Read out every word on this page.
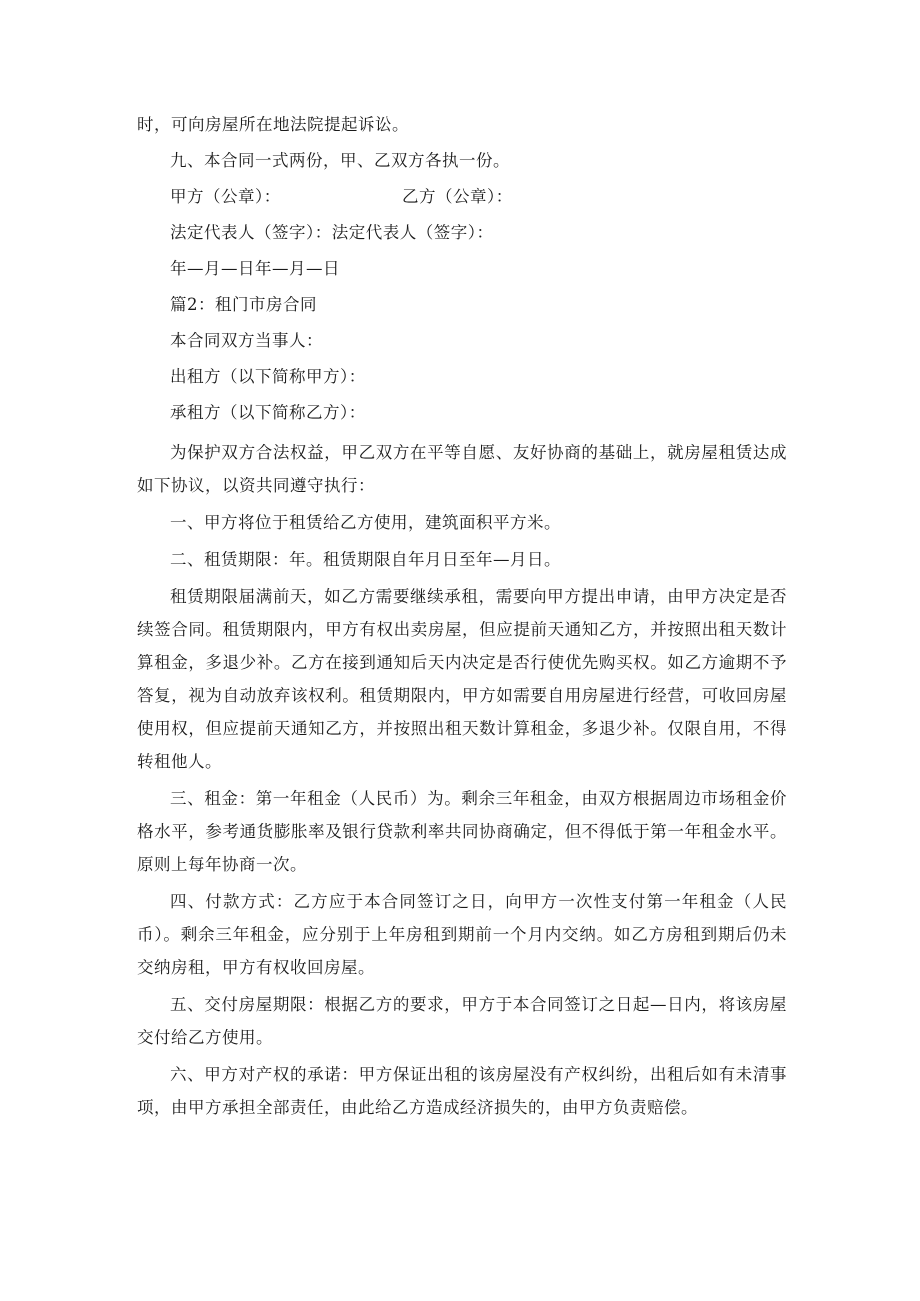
时，可向房屋所在地法院提起诉讼。

九、本合同一式两份，甲、乙双方各执一份。

甲方（公章）：	乙方（公章）：

法定代表人（签字）：法定代表人（签字）：

年—月—日年—月—日

篇2：租门市房合同

本合同双方当事人：

出租方（以下简称甲方）：

承租方（以下简称乙方）：

为保护双方合法权益，甲乙双方在平等自愿、友好协商的基础上，就房屋租赁达成如下协议，以资共同遵守执行：

一、甲方将位于租赁给乙方使用，建筑面积平方米。

二、租赁期限：年。租赁期限自年月日至年—月日。

租赁期限届满前天，如乙方需要继续承租，需要向甲方提出申请，由甲方决定是否续签合同。租赁期限内，甲方有权出卖房屋，但应提前天通知乙方，并按照出租天数计算租金，多退少补。乙方在接到通知后天内决定是否行使优先购买权。如乙方逾期不予答复，视为自动放弃该权利。租赁期限内，甲方如需要自用房屋进行经营，可收回房屋使用权，但应提前天通知乙方，并按照出租天数计算租金，多退少补。仅限自用，不得转租他人。

三、租金：第一年租金（人民币）为。剩余三年租金，由双方根据周边市场租金价格水平，参考通货膨胀率及银行贷款利率共同协商确定，但不得低于第一年租金水平。原则上每年协商一次。

四、付款方式：乙方应于本合同签订之日，向甲方一次性支付第一年租金（人民币）。剩余三年租金，应分别于上年房租到期前一个月内交纳。如乙方房租到期后仍未交纳房租，甲方有权收回房屋。

五、交付房屋期限：根据乙方的要求，甲方于本合同签订之日起—日内，将该房屋交付给乙方使用。

六、甲方对产权的承诺：甲方保证出租的该房屋没有产权纠纷，出租后如有未清事项，由甲方承担全部责任，由此给乙方造成经济损失的，由甲方负责赔偿。
